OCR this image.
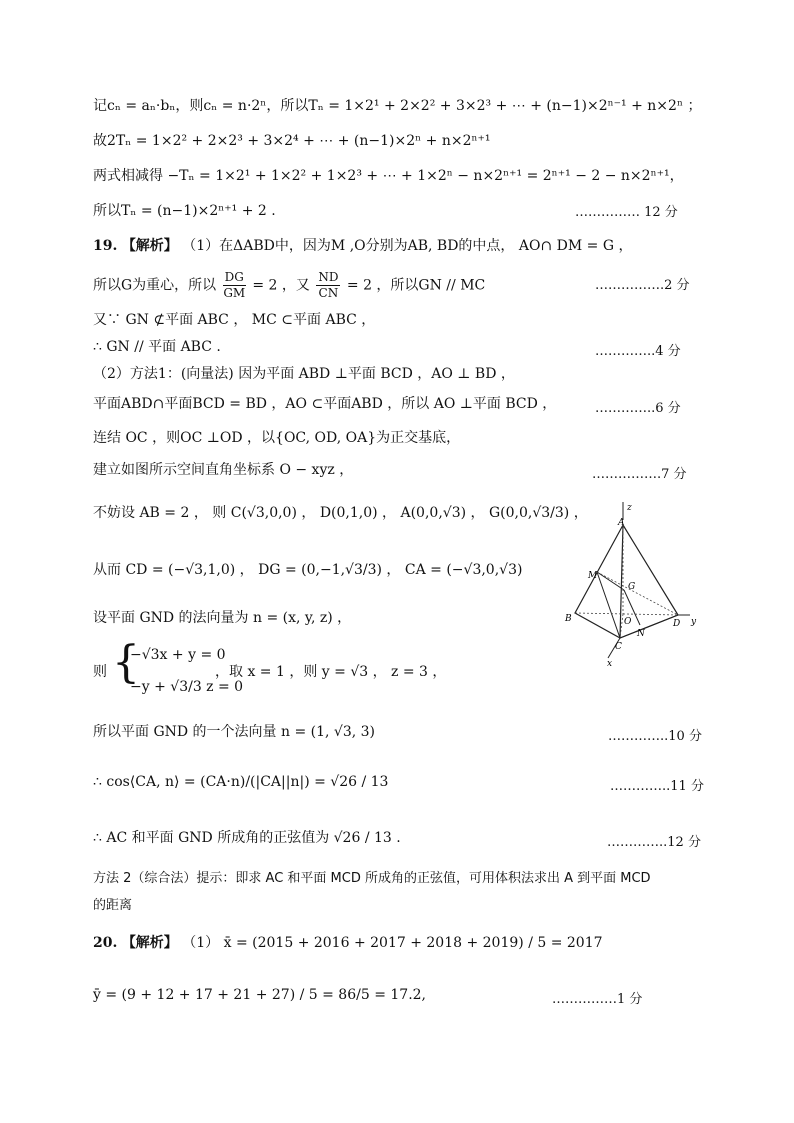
记cₙ = aₙ·bₙ，则cₙ = n·2ⁿ，所以Tₙ = 1×2¹ + 2×2² + 3×2³ + ⋯ + (n−1)×2ⁿ⁻¹ + n×2ⁿ ；
故2Tₙ = 1×2² + 2×2³ + 3×2⁴ + ⋯ + (n−1)×2ⁿ + n×2ⁿ⁺¹
两式相减得 −Tₙ = 1×2¹ + 1×2² + 1×2³ + ⋯ + 1×2ⁿ − n×2ⁿ⁺¹ = 2ⁿ⁺¹ − 2 − n×2ⁿ⁺¹，
所以Tₙ = (n−1)×2ⁿ⁺¹ + 2 .	…………… 12 分
19. 【解析】 （1）在ΔABD中，因为M ,O分别为AB, BD的中点， AO∩ DM = G ，
所以G为重心，所以 $\frac{DG}{GM} = 2$ ，又 $\frac{ND}{CN} = 2$ ，所以GN // MC	…………….2 分
又∵ GN ⊄平面 ABC ， MC ⊂平面 ABC ，
∴ GN // 平面 ABC .	…………..4 分
（2）方法1：(向量法) 因为平面 ABD ⊥平面 BCD ，AO ⊥ BD ，
平面ABD∩平面BCD = BD ，AO ⊂平面ABD ，所以 AO ⊥平面 BCD ，	…………..6 分
连结 OC ，则OC ⊥OD ，以{OC, OD, OA}为正交基底，
建立如图所示空间直角坐标系 O − xyz ，	…………….7 分
不妨设 AB = 2 ， 则 C(√3,0,0) ， D(0,1,0) ， A(0,0,√3) ， G(0,0,√3/3) ，
从而 CD = (−√3,1,0) ， DG = (0,−1,√3/3) ， CA = (−√3,0,√3)
设平面 GND 的法向量为 n = (x, y, z) ，
则 {
−√3x + y = 0
−y + √3/3 z = 0
，取 x = 1 ，则 y = √3 ， z = 3 ，
所以平面 GND 的一个法向量 n = (1, √3, 3)	…………..10 分
∴ cos⟨CA, n⟩ = (CA·n)/(|CA||n|) = √26 / 13	…………..11 分
∴ AC 和平面 GND 所成角的正弦值为 √26 / 13 .	…………..12 分
方法 2（综合法）提示：即求 AC 和平面 MCD 所成角的正弦值，可用体积法求出 A 到平面 MCD
的距离
20. 【解析】 （1） x̄ = (2015 + 2016 + 2017 + 2018 + 2019) / 5 = 2017
ȳ = (9 + 12 + 17 + 21 + 27) / 5 = 86/5 = 17.2,	……………1 分
A
z
M
G
B	O
N
D y
C
x
